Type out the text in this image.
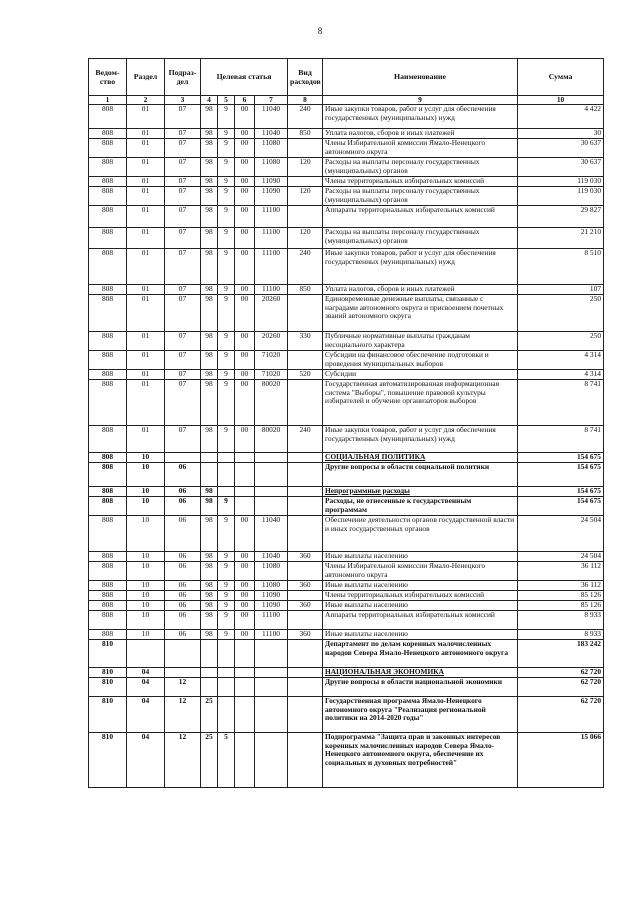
8
Ведом-ство	Раздел	Подраз-дел	Целевая статья				Вид расходов	Наименование	Сумма
1	2	3	4	5	6	7	8	9	10
808	01	07	98	9	00	11040	240	Иные закупки товаров, работ и услуг для обеспечения государственных (муниципальных) нужд	4 422
808	01	07	98	9	00	11040	850	Уплата налогов, сборов и иных платежей	30
808	01	07	98	9	00	11080		Члены Избирательной комиссии Ямало-Ненецкого автономного округа	30 637
808	01	07	98	9	00	11080	120	Расходы на выплаты персоналу государственных (муниципальных) органов	30 637
808	01	07	98	9	00	11090		Члены территориальных избирательных комиссий	119 030
808	01	07	98	9	00	11090	120	Расходы на выплаты персоналу государственных (муниципальных) органов	119 030
808	01	07	98	9	00	11100		Аппараты территориальных избирательных комиссий	29 827
808	01	07	98	9	00	11100	120	Расходы на выплаты персоналу государственных (муниципальных) органов	21 210
808	01	07	98	9	00	11100	240	Иные закупки товаров, работ и услуг для обеспечения государственных (муниципальных) нужд	8 510
808	01	07	98	9	00	11100	850	Уплата налогов, сборов и иных платежей	107
808	01	07	98	9	00	20260		Единовременные денежные выплаты, связанные с наградами автономного округа и присвоением почетных званий автономного округа	250
808	01	07	98	9	00	20260	330	Публичные нормативные выплаты гражданам несоциального характера	250
808	01	07	98	9	00	71020		Субсидии на финансовое обеспечение подготовки и проведения муниципальных выборов	4 314
808	01	07	98	9	00	71020	520	Субсидии	4 314
808	01	07	98	9	00	80020		Государственная автоматизированная информационная система "Выборы", повышение правовой культуры избирателей и обучение организаторов выборов	8 741
808	01	07	98	9	00	80020	240	Иные закупки товаров, работ и услуг для обеспечения государственных (муниципальных) нужд	8 741
808	10							СОЦИАЛЬНАЯ ПОЛИТИКА	154 675
808	10	06						Другие вопросы в области социальной политики	154 675
808	10	06	98					Непрограммные расходы	154 675
808	10	06	98	9				Расходы, не отнесенные к государственным программам	154 675
808	10	06	98	9	00	11040		Обеспечение деятельности органов государственной власти и иных государственных органов	24 504
808	10	06	98	9	00	11040	360	Иные выплаты населению	24 504
808	10	06	98	9	00	11080		Члены Избирательной комиссии Ямало-Ненецкого автономного округа	36 112
808	10	06	98	9	00	11080	360	Иные выплаты населению	36 112
808	10	06	98	9	00	11090		Члены территориальных избирательных комиссий	85 126
808	10	06	98	9	00	11090	360	Иные выплаты населению	85 126
808	10	06	98	9	00	11100		Аппараты территориальных избирательных комиссий	8 933
808	10	06	98	9	00	11100	360	Иные выплаты населению	8 933
810								Департамент по делам коренных малочисленных народов Севера Ямало-Ненецкого автономного округа	183 242
810	04							НАЦИОНАЛЬНАЯ ЭКОНОМИКА	62 720
810	04	12						Другие вопросы в области национальной экономики	62 720
810	04	12	25					Государственная программа Ямало-Ненецкого автономного округа "Реализация региональной политики на 2014-2020 годы"	62 720
810	04	12	25	5				Подпрограмма "Защита прав и законных интересов коренных малочисленных народов Севера Ямало-Ненецкого автономного округа, обеспечение их социальных и духовных потребностей"	15 066
